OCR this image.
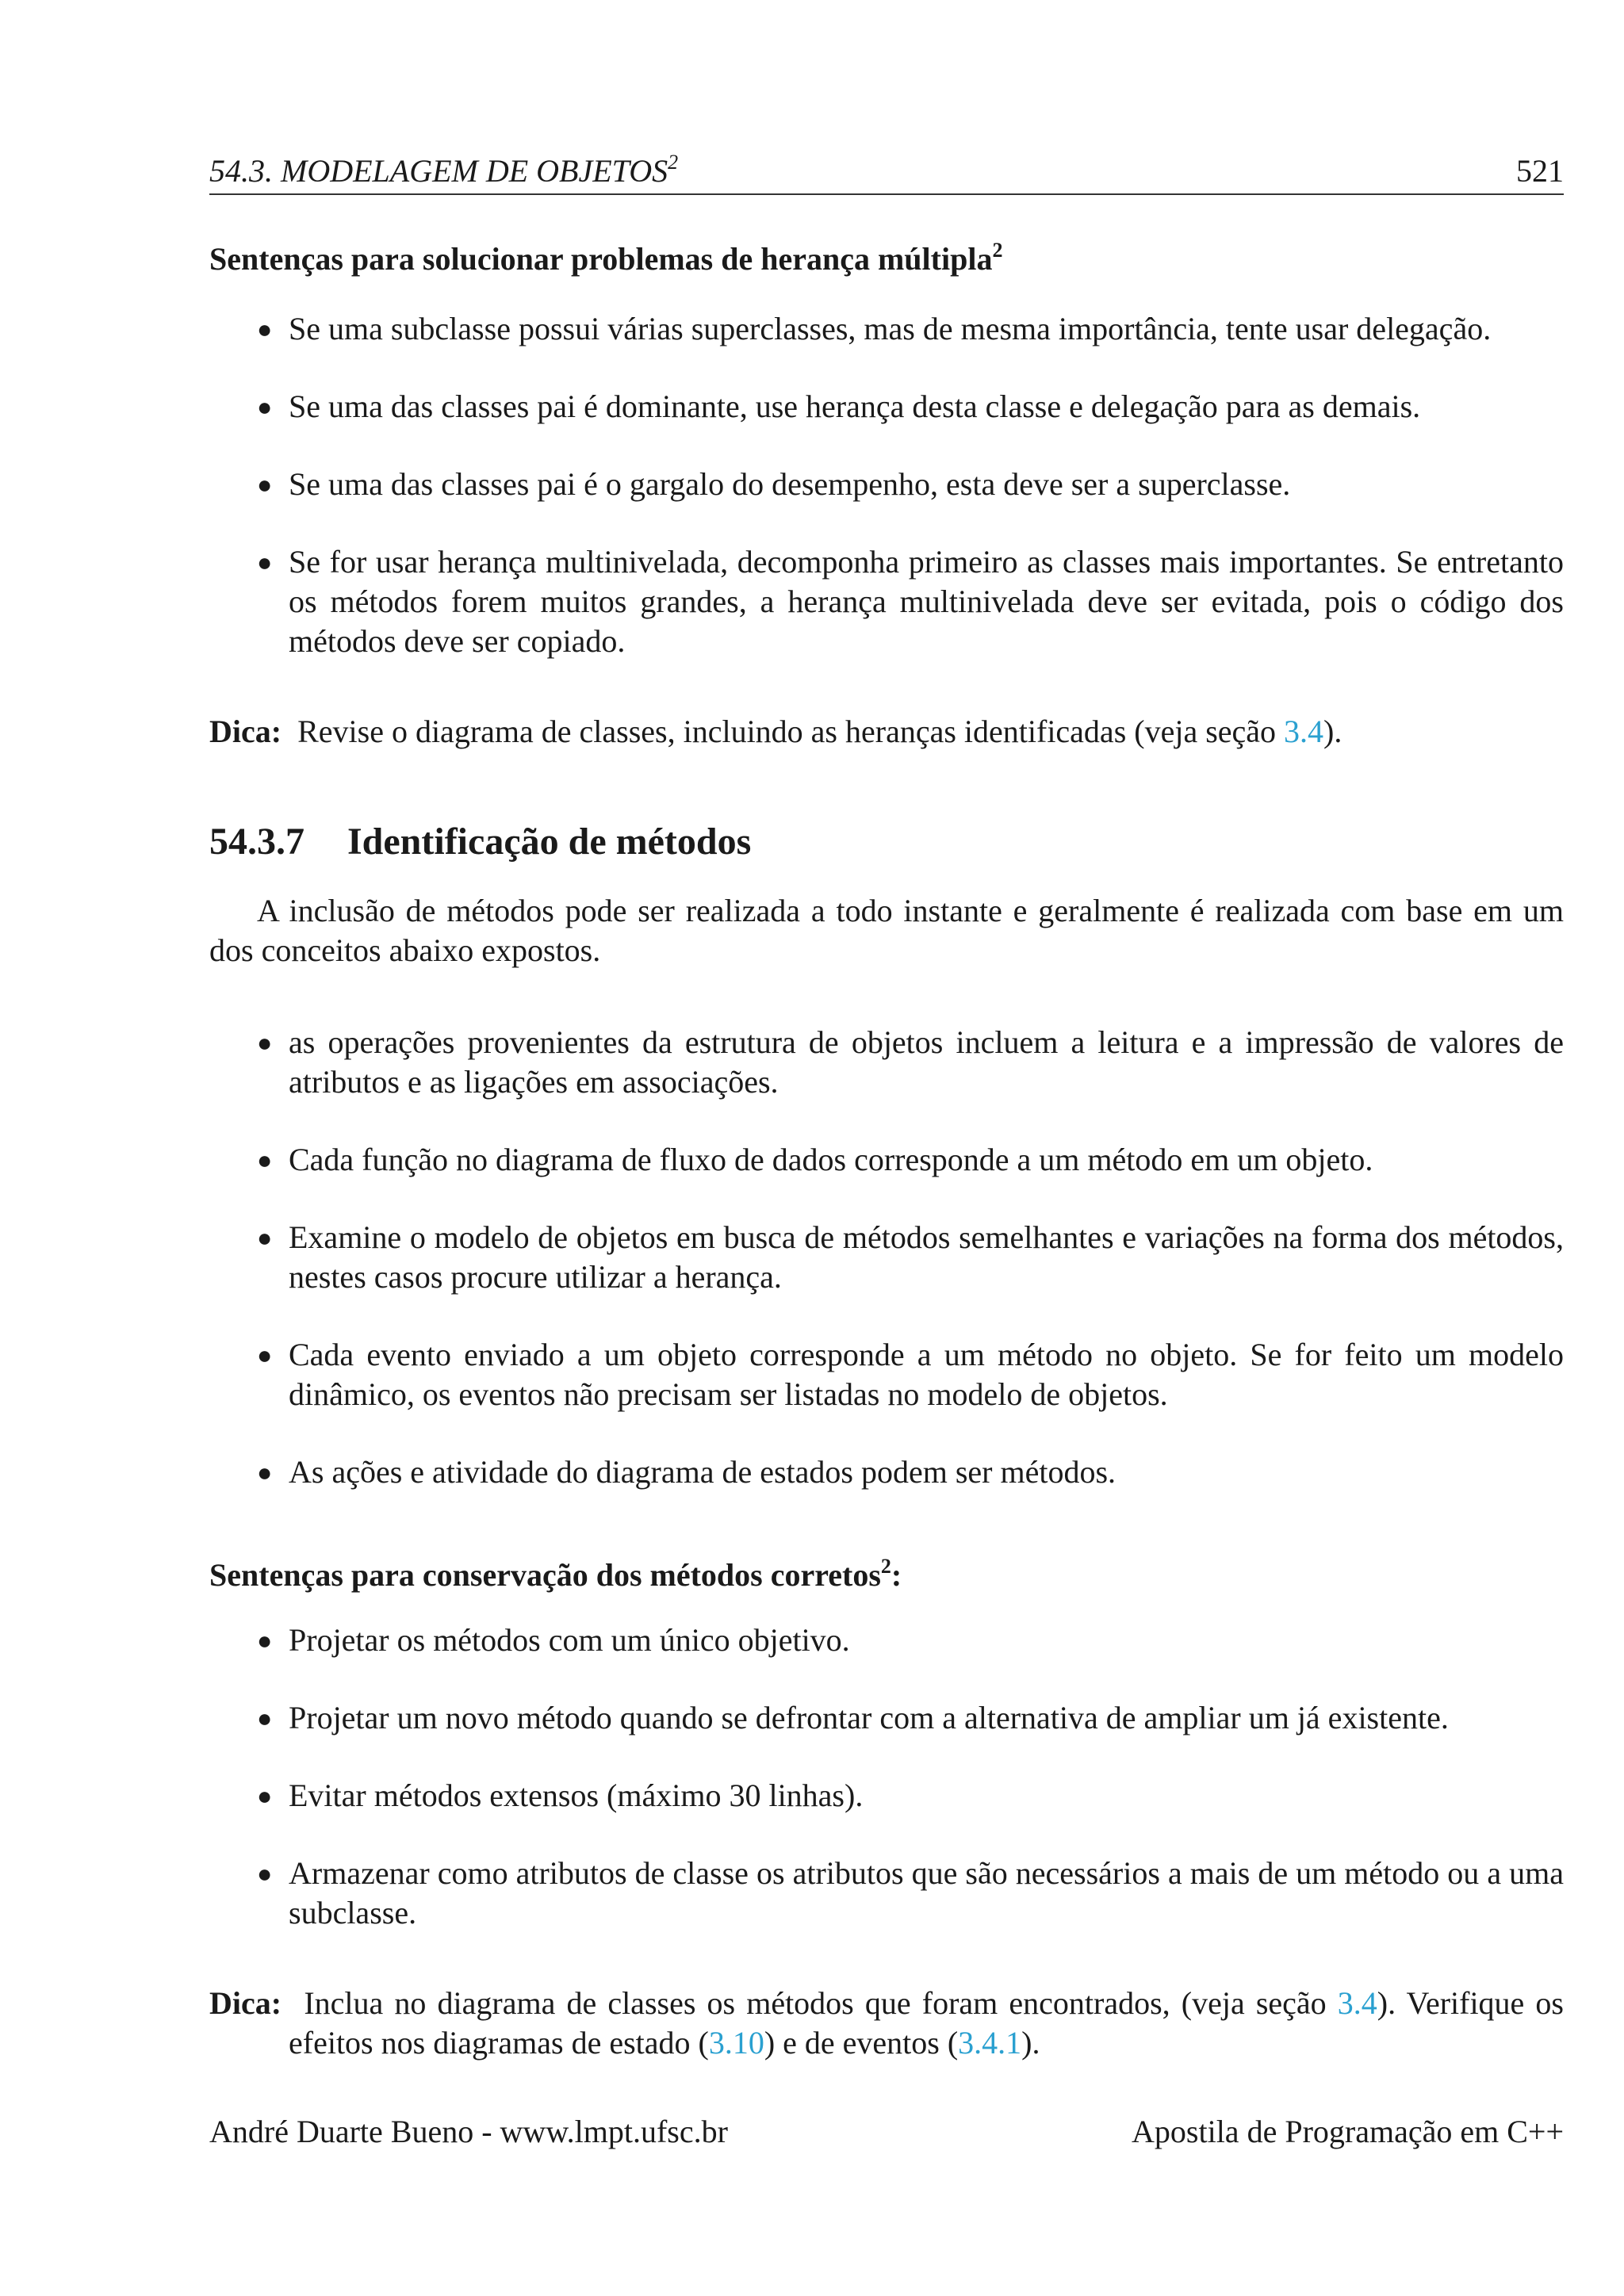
54.3. MODELAGEM DE OBJETOS$^2$	521
Sentenças para solucionar problemas de herança múltipla$^2$
● Se uma subclasse possui várias superclasses, mas de mesma importância, tente usar delegação.
● Se uma das classes pai é dominante, use herança desta classe e delegação para as demais.
● Se uma das classes pai é o gargalo do desempenho, esta deve ser a superclasse.
● Se for usar herança multinivelada, decomponha primeiro as classes mais importantes. Se entretanto os métodos forem muitos grandes, a herança multinivelada deve ser evitada, pois o código dos métodos deve ser copiado.
Dica: Revise o diagrama de classes, incluindo as heranças identificadas (veja seção 3.4).
54.3.7 Identificação de métodos
A inclusão de métodos pode ser realizada a todo instante e geralmente é realizada com base em um dos conceitos abaixo expostos.
● as operações provenientes da estrutura de objetos incluem a leitura e a impressão de valores de atributos e as ligações em associações.
● Cada função no diagrama de fluxo de dados corresponde a um método em um objeto.
● Examine o modelo de objetos em busca de métodos semelhantes e variações na forma dos métodos, nestes casos procure utilizar a herança.
● Cada evento enviado a um objeto corresponde a um método no objeto. Se for feito um modelo dinâmico, os eventos não precisam ser listadas no modelo de objetos.
● As ações e atividade do diagrama de estados podem ser métodos.
Sentenças para conservação dos métodos corretos$^2$:
● Projetar os métodos com um único objetivo.
● Projetar um novo método quando se defrontar com a alternativa de ampliar um já existente.
● Evitar métodos extensos (máximo 30 linhas).
● Armazenar como atributos de classe os atributos que são necessários a mais de um método ou a uma subclasse.
Dica: Inclua no diagrama de classes os métodos que foram encontrados, (veja seção 3.4). Verifique os efeitos nos diagramas de estado (3.10) e de eventos (3.4.1).
André Duarte Bueno - www.lmpt.ufsc.br	Apostila de Programação em C++
